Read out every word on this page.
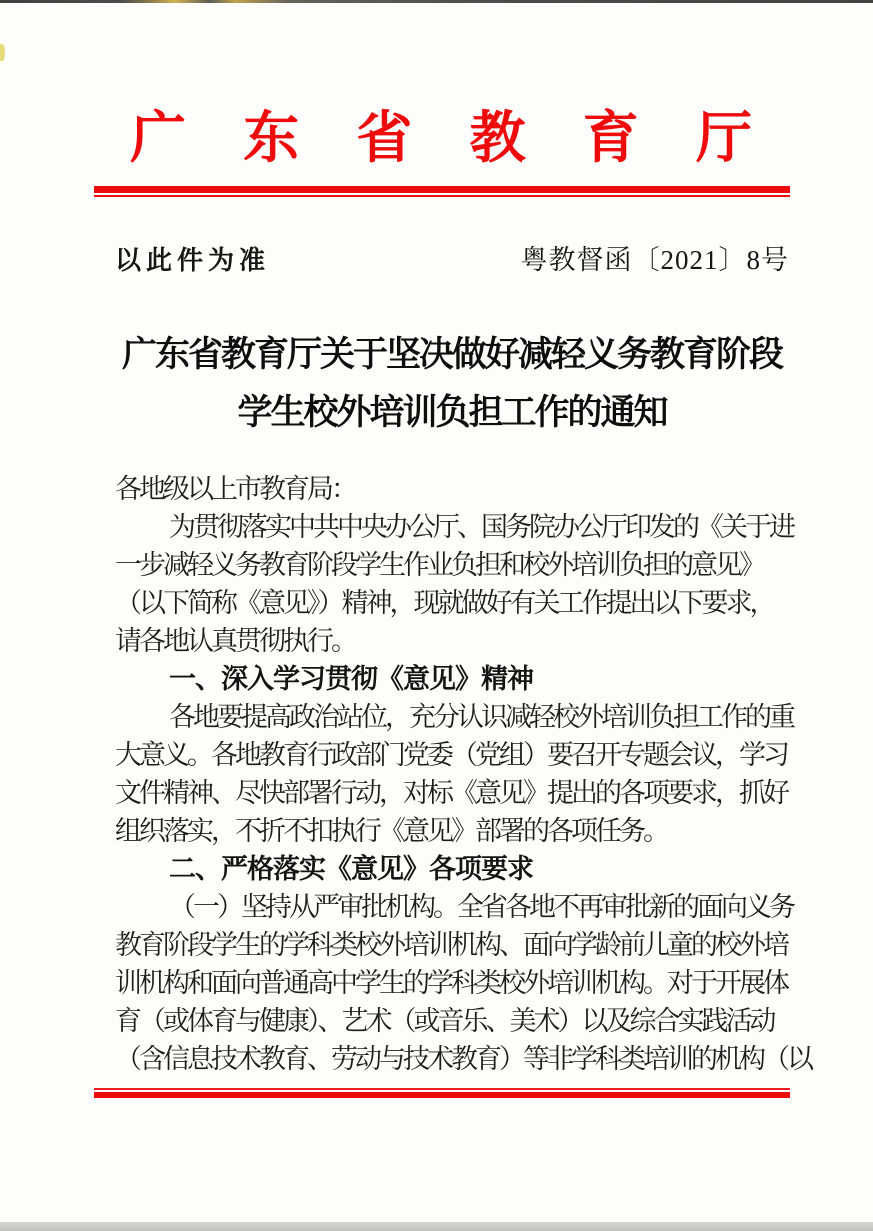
广 东 省 教 育 厅
以此件为准	粤教督函〔2021〕8号
广东省教育厅关于坚决做好减轻义务教育阶段
学生校外培训负担工作的通知
各地级以上市教育局：
为贯彻落实中共中央办公厅、国务院办公厅印发的《关于进
一步减轻义务教育阶段学生作业负担和校外培训负担的意见》
（以下简称《意见》）精神，现就做好有关工作提出以下要求，
请各地认真贯彻执行。
一、深入学习贯彻《意见》精神
各地要提高政治站位，充分认识减轻校外培训负担工作的重
大意义。各地教育行政部门党委（党组）要召开专题会议，学习
文件精神、尽快部署行动，对标《意见》提出的各项要求，抓好
组织落实，不折不扣执行《意见》部署的各项任务。
二、严格落实《意见》各项要求
（一）坚持从严审批机构。全省各地不再审批新的面向义务
教育阶段学生的学科类校外培训机构、面向学龄前儿童的校外培
训机构和面向普通高中学生的学科类校外培训机构。对于开展体
育（或体育与健康）、艺术（或音乐、美术）以及综合实践活动
（含信息技术教育、劳动与技术教育）等非学科类培训的机构（以
